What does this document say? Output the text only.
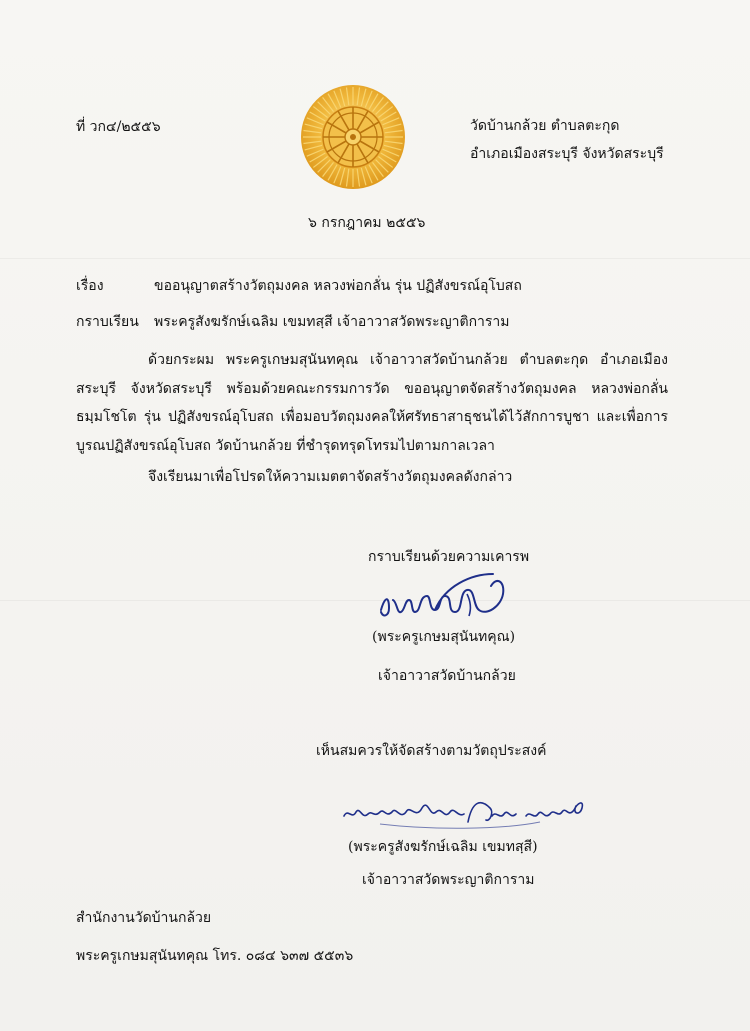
ที่ วก๔/๒๕๕๖	วัดบ้านกล้วย ตำบลตะกุด
อำเภอเมืองสระบุรี จังหวัดสระบุรี
๖ กรกฎาคม ๒๕๕๖
เรื่อง	ขออนุญาตสร้างวัตถุมงคล หลวงพ่อกลั่น รุ่น ปฏิสังขรณ์อุโบสถ
กราบเรียน พระครูสังฆรักษ์เฉลิม เขมทสฺสี เจ้าอาวาสวัดพระญาติการาม

ด้วยกระผม พระครูเกษมสุนันทคุณ เจ้าอาวาสวัดบ้านกล้วย ตำบลตะกุด อำเภอเมืองสระบุรี จังหวัดสระบุรี พร้อมด้วยคณะกรรมการวัด ขออนุญาตจัดสร้างวัตถุมงคล หลวงพ่อกลั่น ธมฺมโชโต รุ่น ปฏิสังขรณ์อุโบสถ เพื่อมอบวัตถุมงคลให้ศรัทธาสาธุชนได้ไว้สักการบูชา และเพื่อการบูรณปฏิสังขรณ์อุโบสถ วัดบ้านกล้วย ที่ชำรุดทรุดโทรมไปตามกาลเวลา

จึงเรียนมาเพื่อโปรดให้ความเมตตาจัดสร้างวัตถุมงคลดังกล่าว
กราบเรียนด้วยความเคารพ
(พระครูเกษมสุนันทคุณ)
เจ้าอาวาสวัดบ้านกล้วย
เห็นสมควรให้จัดสร้างตามวัตถุประสงค์
(พระครูสังฆรักษ์เฉลิม เขมทสฺสี)
เจ้าอาวาสวัดพระญาติการาม
สำนักงานวัดบ้านกล้วย
พระครูเกษมสุนันทคุณ โทร. ๐๘๔ ๖๓๗ ๕๕๓๖
